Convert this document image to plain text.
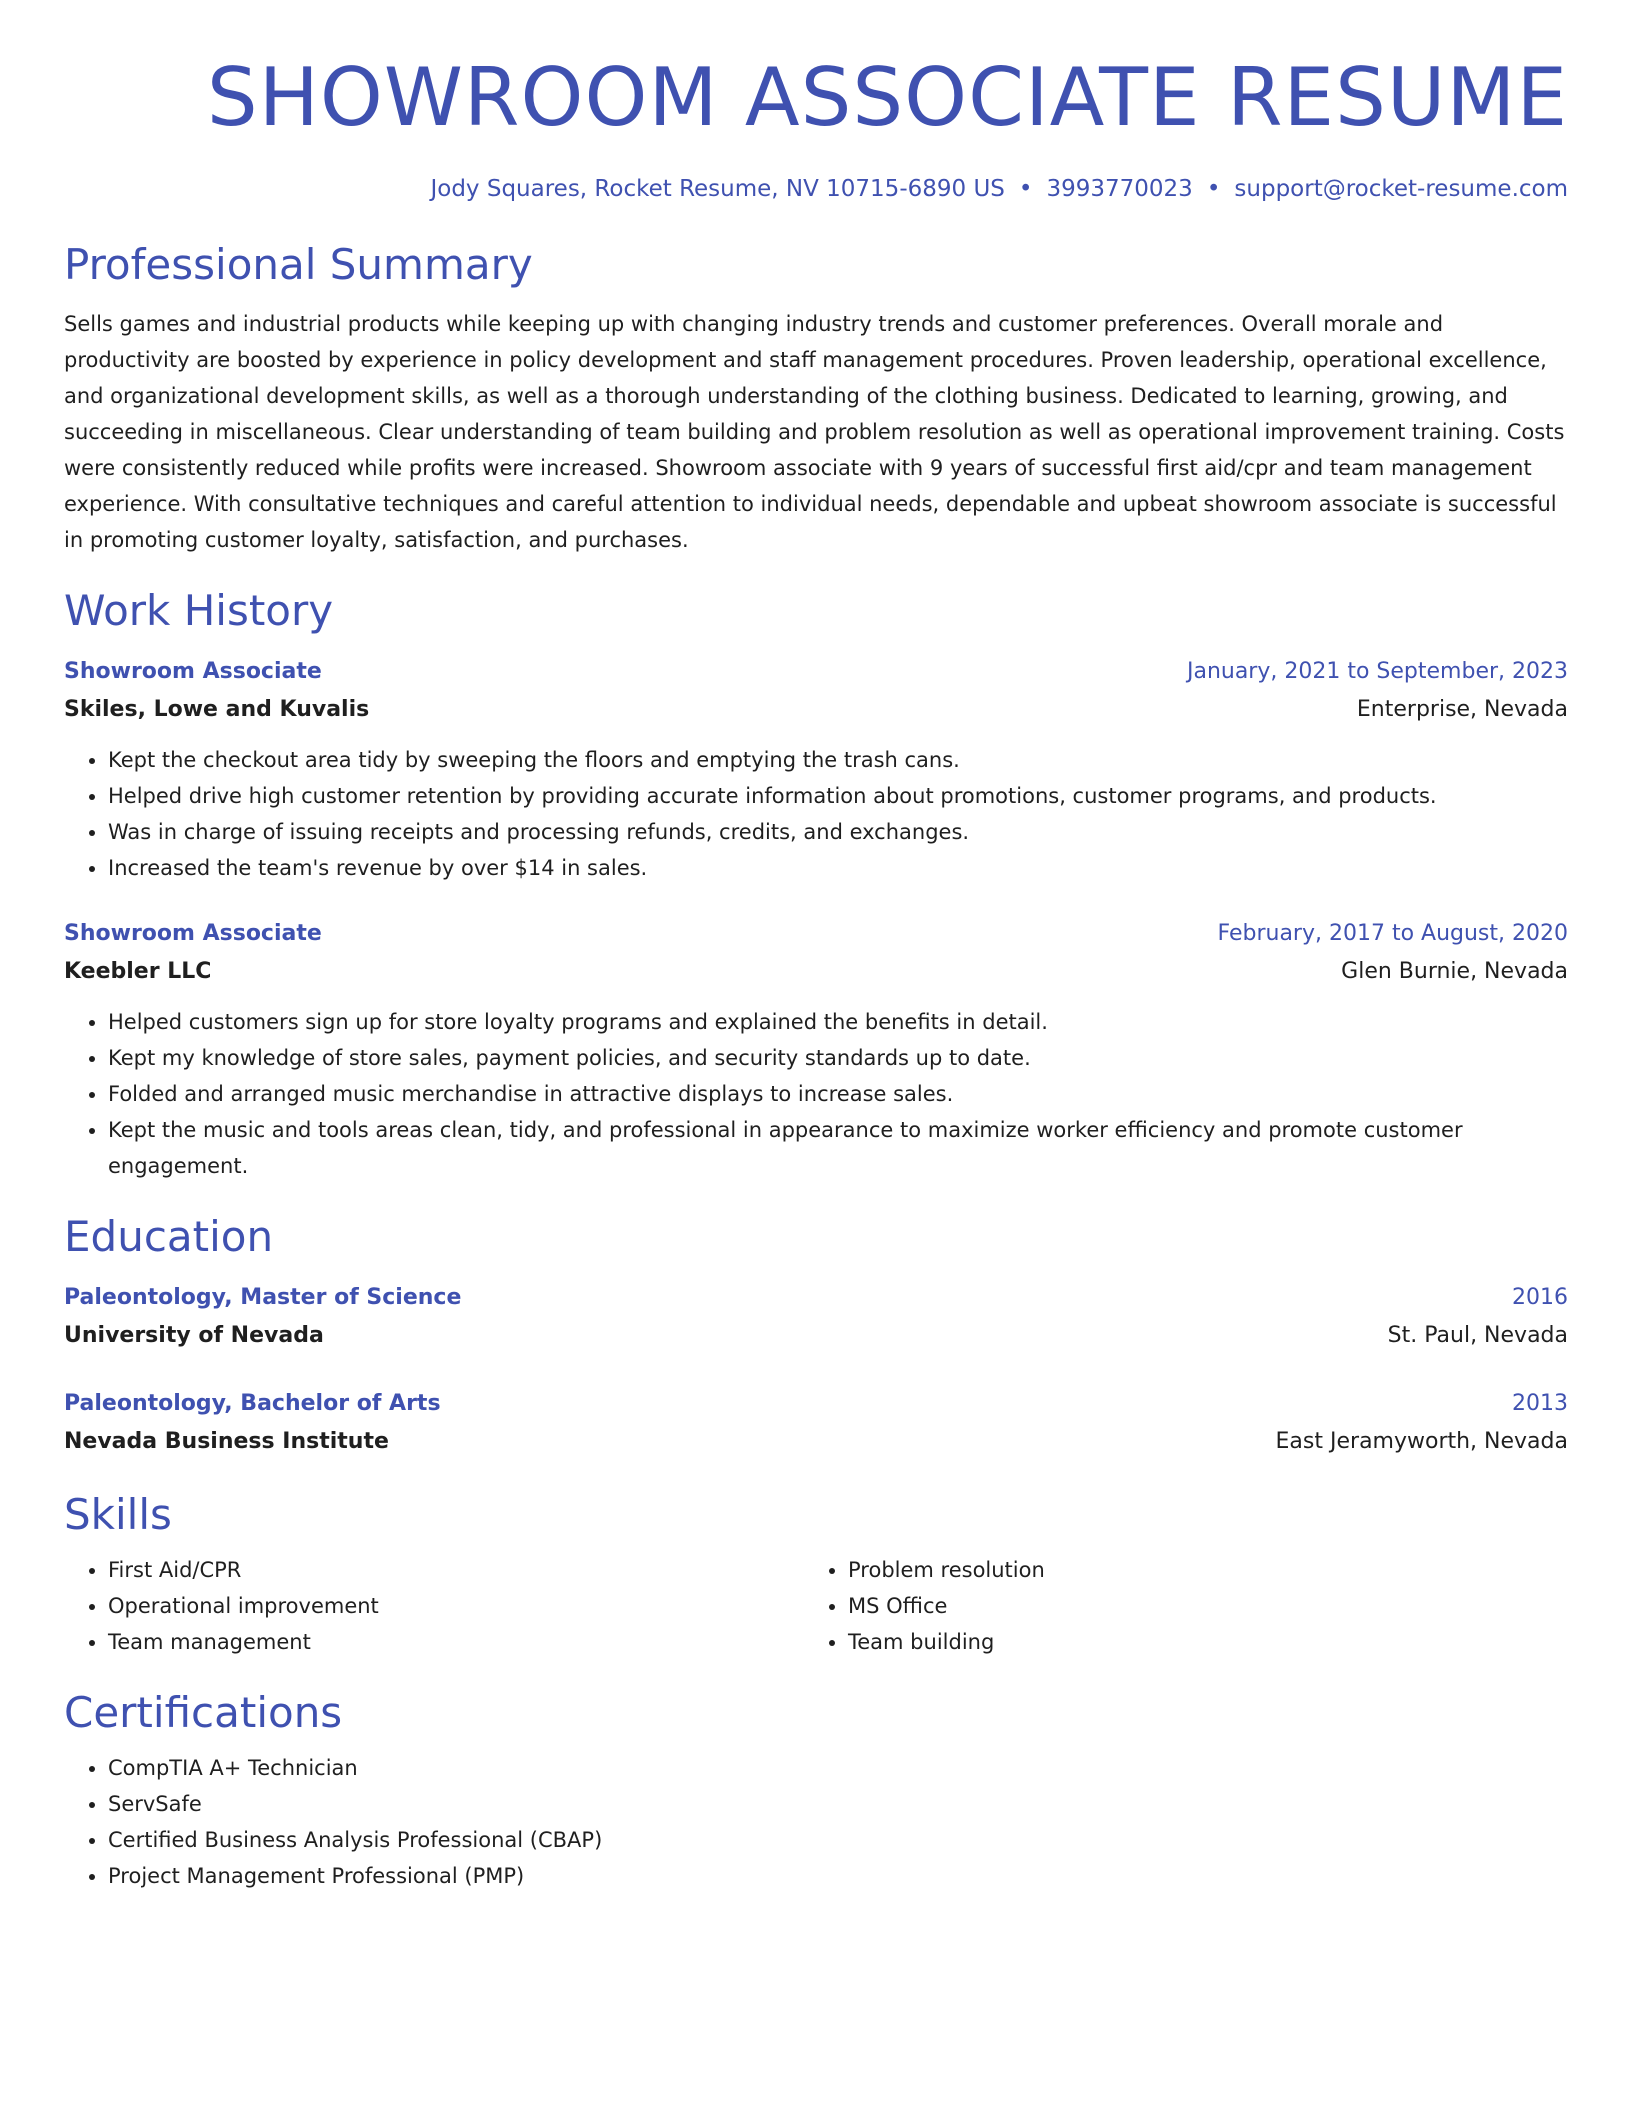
SHOWROOM ASSOCIATE RESUME
Jody Squares, Rocket Resume, NV 10715-6890 US • 3993770023 • support@rocket-resume.com
Professional Summary
Sells games and industrial products while keeping up with changing industry trends and customer preferences. Overall morale and productivity are boosted by experience in policy development and staff management procedures. Proven leadership, operational excellence, and organizational development skills, as well as a thorough understanding of the clothing business. Dedicated to learning, growing, and succeeding in miscellaneous. Clear understanding of team building and problem resolution as well as operational improvement training. Costs were consistently reduced while profits were increased. Showroom associate with 9 years of successful first aid/cpr and team management experience. With consultative techniques and careful attention to individual needs, dependable and upbeat showroom associate is successful in promoting customer loyalty, satisfaction, and purchases.
Work History
Showroom Associate	January, 2021 to September, 2023
Skiles, Lowe and Kuvalis	Enterprise, Nevada
• Kept the checkout area tidy by sweeping the floors and emptying the trash cans.
• Helped drive high customer retention by providing accurate information about promotions, customer programs, and products.
• Was in charge of issuing receipts and processing refunds, credits, and exchanges.
• Increased the team's revenue by over $14 in sales.
Showroom Associate	February, 2017 to August, 2020
Keebler LLC	Glen Burnie, Nevada
• Helped customers sign up for store loyalty programs and explained the benefits in detail.
• Kept my knowledge of store sales, payment policies, and security standards up to date.
• Folded and arranged music merchandise in attractive displays to increase sales.
• Kept the music and tools areas clean, tidy, and professional in appearance to maximize worker efficiency and promote customer engagement.
Education
Paleontology, Master of Science	2016
University of Nevada	St. Paul, Nevada
Paleontology, Bachelor of Arts	2013
Nevada Business Institute	East Jeramyworth, Nevada
Skills
• First Aid/CPR
• Operational improvement
• Team management
• Problem resolution
• MS Office
• Team building
Certifications
• CompTIA A+ Technician
• ServSafe
• Certified Business Analysis Professional (CBAP)
• Project Management Professional (PMP)
